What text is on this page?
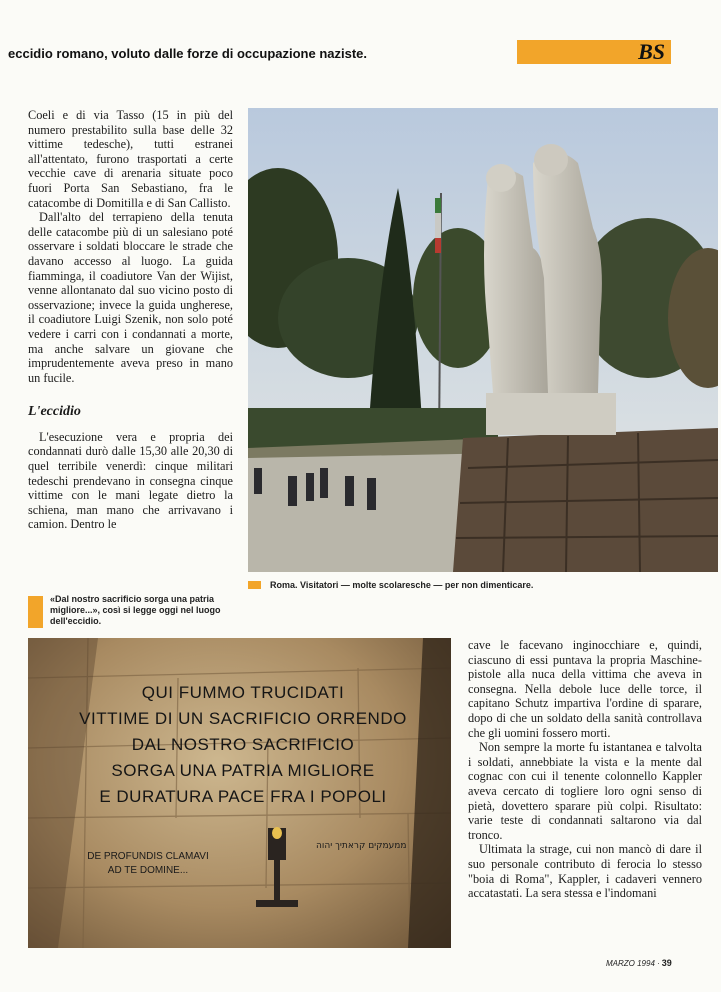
eccidio romano, voluto dalle forze di occupazione naziste.	BS

Coeli e di via Tasso (15 in più del numero prestabilito sulla base delle 32 vittime tedesche), tutti estranei all'attentato, furono trasportati a certe vecchie cave di arenaria situate poco fuori Porta San Sebastiano, fra le catacombe di Domitilla e di San Callisto.

Dall'alto del terrapieno della tenuta delle catacombe più di un salesiano poté osservare i soldati bloccare le strade che davano accesso al luogo. La guida fiamminga, il coadiutore Van der Wijist, venne allontanato dal suo vicino posto di osservazione; invece la guida ungherese, il coadiutore Luigi Szenik, non solo poté vedere i carri con i condannati a morte, ma anche salvare un giovane che imprudentemente aveva preso in mano un fucile.

L'eccidio

L'esecuzione vera e propria dei condannati durò dalle 15,30 alle 20,30 di quel terribile venerdì: cinque militari tedeschi prendevano in consegna cinque vittime con le mani legate dietro la schiena, man mano che arrivavano i camion. Dentro le

Roma. Visitatori — molte scolaresche — per non dimenticare.
«Dal nostro sacrificio sorga una patria migliore...», così si legge oggi nel luogo dell'eccidio.
QUI FUMMO TRUCIDATI
VITTIME DI UN SACRIFICIO ORRENDO
DAL NOSTRO SACRIFICIO
SORGA UNA PATRIA MIGLIORE
E DURATURA PACE FRA I POPOLI
DE PROFUNDIS CLAMAVI
AD TE DOMINE...
ממעמקים קראתיך יהוה

cave le facevano inginocchiare e, quindi, ciascuno di essi puntava la propria Maschine-pistole alla nuca della vittima che aveva in consegna. Nella debole luce delle torce, il capitano Schutz impartiva l'ordine di sparare, dopo di che un soldato della sanità controllava che gli uomini fossero morti.

Non sempre la morte fu istantanea e talvolta i soldati, annebbiate la vista e la mente dal cognac con cui il tenente colonnello Kappler aveva cercato di togliere loro ogni senso di pietà, dovettero sparare più colpi. Risultato: varie teste di condannati saltarono via dal tronco.

Ultimata la strage, cui non mancò di dare il suo personale contributo di ferocia lo stesso "boia di Roma", Kappler, i cadaveri vennero accatastati. La sera stessa e l'indomani

MARZO 1994 · 39
